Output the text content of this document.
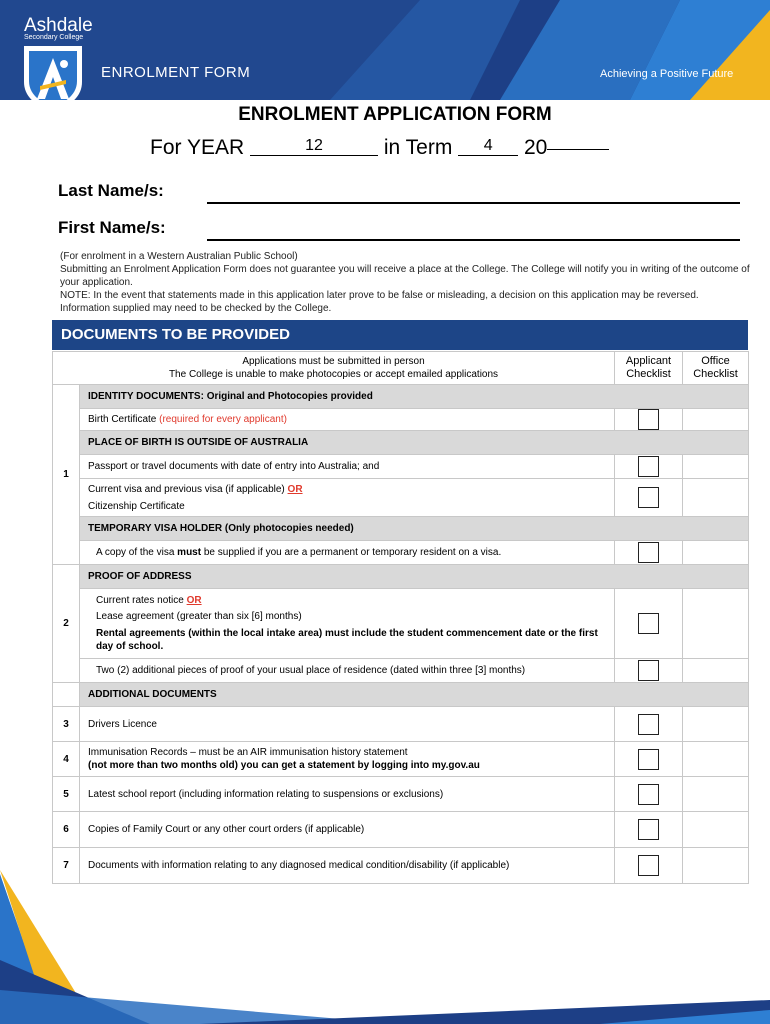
Ashdale
Secondary College
ENROLMENT FORM	Achieving a Positive Future
ENROLMENT APPLICATION FORM
For YEAR	12	in Term 4 20
Last Name/s:
First Name/s:

(For enrolment in a Western Australian Public School)

Submitting an Enrolment Application Form does not guarantee you will receive a place at the College. The College will notify you in writing of the outcome of your application.

NOTE: In the event that statements made in this application later prove to be false or misleading, a decision on this application may be reversed. Information supplied may need to be checked by the College.

DOCUMENTS TO BE PROVIDED
Applications must be submitted in person
The College is unable to make photocopies or accept emailed applications		Applicant Checklist	Office Checklist
1	IDENTITY DOCUMENTS: Original and Photocopies provided		
	Birth Certificate (required for every applicant)		
	PLACE OF BIRTH IS OUTSIDE OF AUSTRALIA		
	Passport or travel documents with date of entry into Australia; and		

	Current visa and previous visa (if applicable) OR
Citizenship Certificate		

	TEMPORARY VISA HOLDER (Only photocopies needed)		
	A copy of the visa must be supplied if you are a permanent or temporary resident on a visa.		
2	PROOF OF ADDRESS		

	Current rates notice OR
Lease agreement (greater than six [6] months)
Rental agreements (within the local intake area) must include the student commencement date or the first day of school.		

	Two (2) additional pieces of proof of your usual place of residence (dated within three [3] months)		
	ADDITIONAL DOCUMENTS		
3	Drivers Licence		
4	Immunisation Records – must be an AIR immunisation history statement
(not more than two months old) you can get a statement by logging into my.gov.au		

5	Latest school report (including information relating to suspensions or exclusions)		
6	Copies of Family Court or any other court orders (if applicable)		
7	Documents with information relating to any diagnosed medical condition/disability (if applicable)		
